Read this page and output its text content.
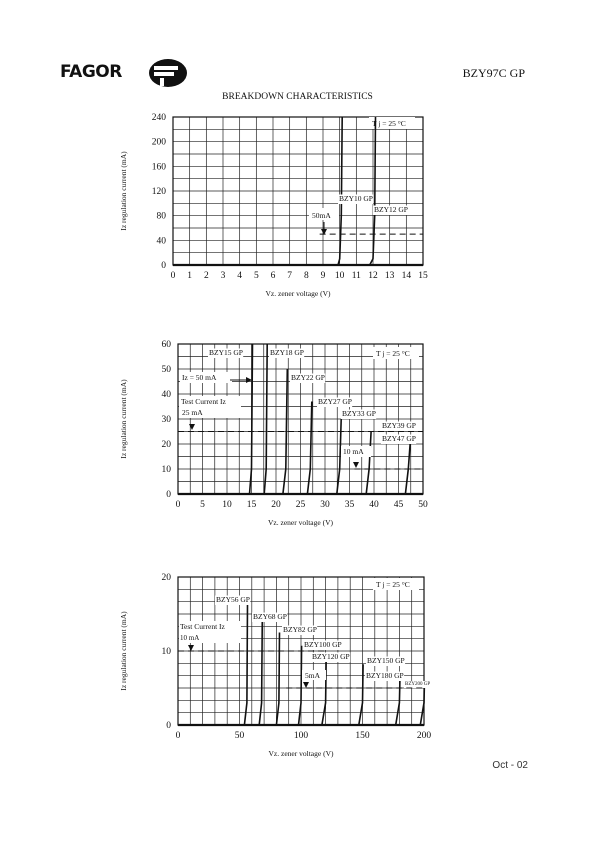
FAGOR	BZY97C GP
BREAKDOWN CHARACTERISTICS
0 1 2 3 4 5 6 7 8 9 10 11 12 13 14 15
0
40
80
120
160
200
240
Vz. zener voltage (V)
Iz regulation current (mA)
T j = 25 °C
BZY10 GP
BZY12 GP
50mA
0 5 10 15 20 25 30 35 40 45 50
0
10
20
30
40
50
60
Vz. zener voltage (V)
Iz regulation current (mA)
T j = 25 °C
BZY15 GP	BZY18 GP
BZY22 GP
BZY27 GP
BZY33 GP
BZY39 GP
BZY47 GP
Iz = 50 mA
Test Current Iz
25 mA
10 mA
0	50	100	150	200
0
10
20
Vz. zener voltage (V)
Iz regulation current (mA)
T j = 25 °C
BZY56 GP
BZY68 GP
BZY82 GP
BZY100 GP
BZY120 GP BZY150 GP
BZY180 GP
BZY200 GP
Test Current Iz
10 mA
5mA
Oct - 02
